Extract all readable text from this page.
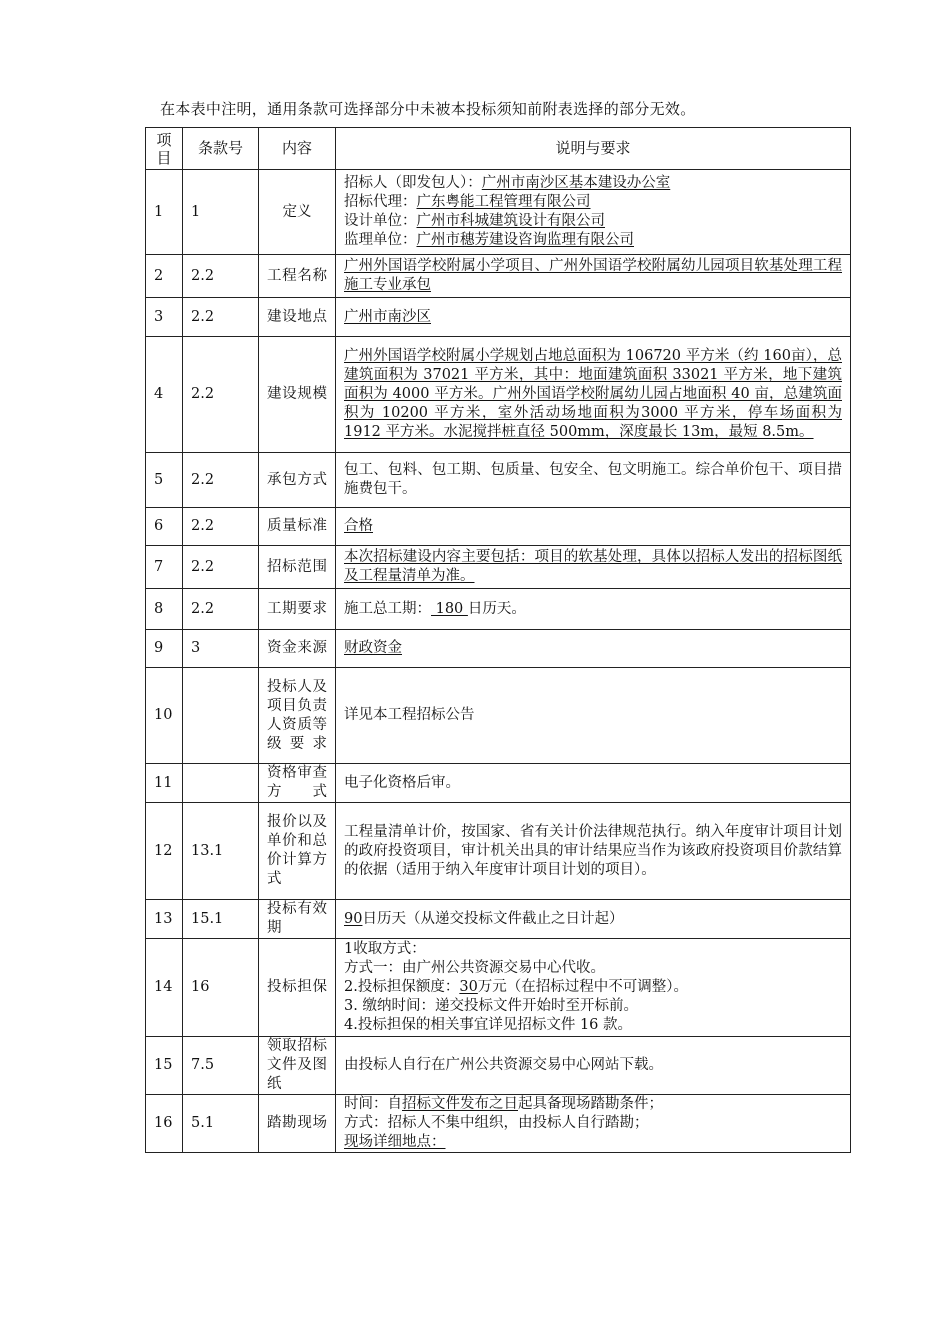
在本表中注明，通用条款可选择部分中未被本投标须知前附表选择的部分无效。
项目	条款号	内容	说明与要求
1	1	定义	招标人（即发包人）：广州市南沙区基本建设办公室
招标代理：广东粤能工程管理有限公司
设计单位：广州市科城建筑设计有限公司
监理单位：广州市穗芳建设咨询监理有限公司

2	2.2	工程名称	广州外国语学校附属小学项目、广州外国语学校附属幼儿园项目软基处理工程施工专业承包
3	2.2	建设地点	广州市南沙区
4	2.2	建设规模	广州外国语学校附属小学规划占地总面积为 106720 平方米（约 160亩），总建筑面积为 37021 平方米，其中：地面建筑面积 33021 平方米，地下建筑面积为 4000 平方米。广州外国语学校附属幼儿园占地面积 40 亩，总建筑面积为 10200 平方米，室外活动场地面积为3000 平方米，停车场面积为 1912 平方米。水泥搅拌桩直径 500mm，深度最长 13m，最短 8.5m。
5	2.2	承包方式	包工、包料、包工期、包质量、包安全、包文明施工。综合单价包干、项目措施费包干。
6	2.2	质量标准	合格
7	2.2	招标范围	本次招标建设内容主要包括：项目的软基处理，具体以招标人发出的招标图纸及工程量清单为准。
8	2.2	工期要求	施工总工期： 180 日历天。
9	3	资金来源	财政资金
10		投标人及项目负责人资质等级要求	详见本工程招标公告
11		资格审查方式	电子化资格后审。
12	13.1	报价以及单价和总价计算方式	工程量清单计价，按国家、省有关计价法律规范执行。纳入年度审计项目计划的政府投资项目，审计机关出具的审计结果应当作为该政府投资项目价款结算的依据（适用于纳入年度审计项目计划的项目）。
13	15.1	投标有效期	90日历天（从递交投标文件截止之日计起）
14	16	投标担保	1收取方式：
方式一：由广州公共资源交易中心代收。
2.投标担保额度：30万元（在招标过程中不可调整）。
3. 缴纳时间：递交投标文件开始时至开标前。
4.投标担保的相关事宜详见招标文件 16 款。

15	7.5	领取招标文件及图纸	由投标人自行在广州公共资源交易中心网站下载。
16	5.1	踏勘现场	时间：自招标文件发布之日起具备现场踏勘条件；
方式：招标人不集中组织，由投标人自行踏勘；
现场详细地点：
